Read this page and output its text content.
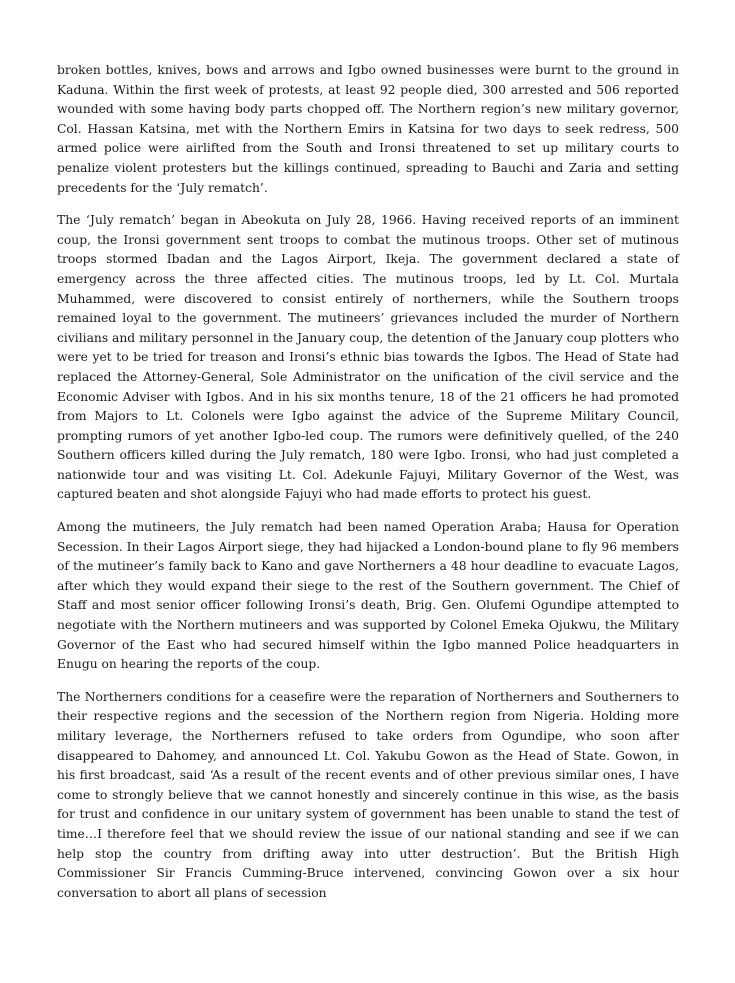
broken bottles, knives, bows and arrows and Igbo owned businesses were burnt to the ground in Kaduna. Within the first week of protests, at least 92 people died, 300 arrested and 506 reported wounded with some having body parts chopped off. The Northern region’s new military governor, Col. Hassan Katsina, met with the Northern Emirs in Katsina for two days to seek redress, 500 armed police were airlifted from the South and Ironsi threatened to set up military courts to penalize violent protesters but the killings continued, spreading to Bauchi and Zaria and setting precedents for the ‘July rematch’.

The ‘July rematch’ began in Abeokuta on July 28, 1966. Having received reports of an imminent coup, the Ironsi government sent troops to combat the mutinous troops. Other set of mutinous troops stormed Ibadan and the Lagos Airport, Ikeja. The government declared a state of emergency across the three affected cities. The mutinous troops, led by Lt. Col. Murtala Muhammed, were discovered to consist entirely of northerners, while the Southern troops remained loyal to the government. The mutineers’ grievances included the murder of Northern civilians and military personnel in the January coup, the detention of the January coup plotters who were yet to be tried for treason and Ironsi’s ethnic bias towards the Igbos. The Head of State had replaced the Attorney-General, Sole Administrator on the unification of the civil service and the Economic Adviser with Igbos. And in his six months tenure, 18 of the 21 officers he had promoted from Majors to Lt. Colonels were Igbo against the advice of the Supreme Military Council, prompting rumors of yet another Igbo-led coup. The rumors were definitively quelled, of the 240 Southern officers killed during the July rematch, 180 were Igbo. Ironsi, who had just completed a nationwide tour and was visiting Lt. Col. Adekunle Fajuyi, Military Governor of the West, was captured beaten and shot alongside Fajuyi who had made efforts to protect his guest.

Among the mutineers, the July rematch had been named Operation Araba; Hausa for Operation Secession. In their Lagos Airport siege, they had hijacked a London-bound plane to fly 96 members of the mutineer’s family back to Kano and gave Northerners a 48 hour deadline to evacuate Lagos, after which they would expand their siege to the rest of the Southern government. The Chief of Staff and most senior officer following Ironsi’s death, Brig. Gen. Olufemi Ogundipe attempted to negotiate with the Northern mutineers and was supported by Colonel Emeka Ojukwu, the Military Governor of the East who had secured himself within the Igbo manned Police headquarters in Enugu on hearing the reports of the coup.

The Northerners conditions for a ceasefire were the reparation of Northerners and Southerners to their respective regions and the secession of the Northern region from Nigeria. Holding more military leverage, the Northerners refused to take orders from Ogundipe, who soon after disappeared to Dahomey, and announced Lt. Col. Yakubu Gowon as the Head of State. Gowon, in his first broadcast, said ‘As a result of the recent events and of other previous similar ones, I have come to strongly believe that we cannot honestly and sincerely continue in this wise, as the basis for trust and confidence in our unitary system of government has been unable to stand the test of time…I therefore feel that we should review the issue of our national standing and see if we can help stop the country from drifting away into utter destruction’. But the British High Commissioner Sir Francis Cumming-Bruce intervened, convincing Gowon over a six hour conversation to abort all plans of secession
